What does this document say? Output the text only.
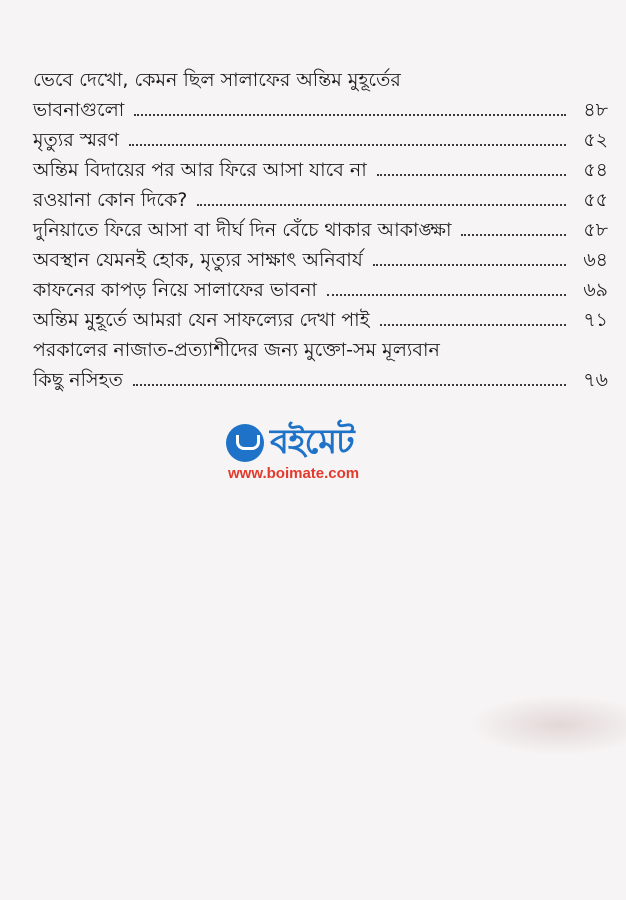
ভেবে দেখো, কেমন ছিল সালাফের অন্তিম মুহূর্তের
ভাবনাগুলো	৪৮
মৃত্যুর স্মরণ	৫২
অন্তিম বিদায়ের পর আর ফিরে আসা যাবে না	৫৪
রওয়ানা কোন দিকে?	৫৫
দুনিয়াতে ফিরে আসা বা দীর্ঘ দিন বেঁচে থাকার আকাঙ্ক্ষা	৫৮
অবস্থান যেমনই হোক, মৃত্যুর সাক্ষাৎ অনিবার্য	৬৪
কাফনের কাপড় নিয়ে সালাফের ভাবনা	৬৯
অন্তিম মুহূর্তে আমরা যেন সাফল্যের দেখা পাই	৭১
পরকালের নাজাত-প্রত্যাশীদের জন্য মুক্তো-সম মূল্যবান
কিছু নসিহত	৭৬
বইমেট
www.boimate.com
